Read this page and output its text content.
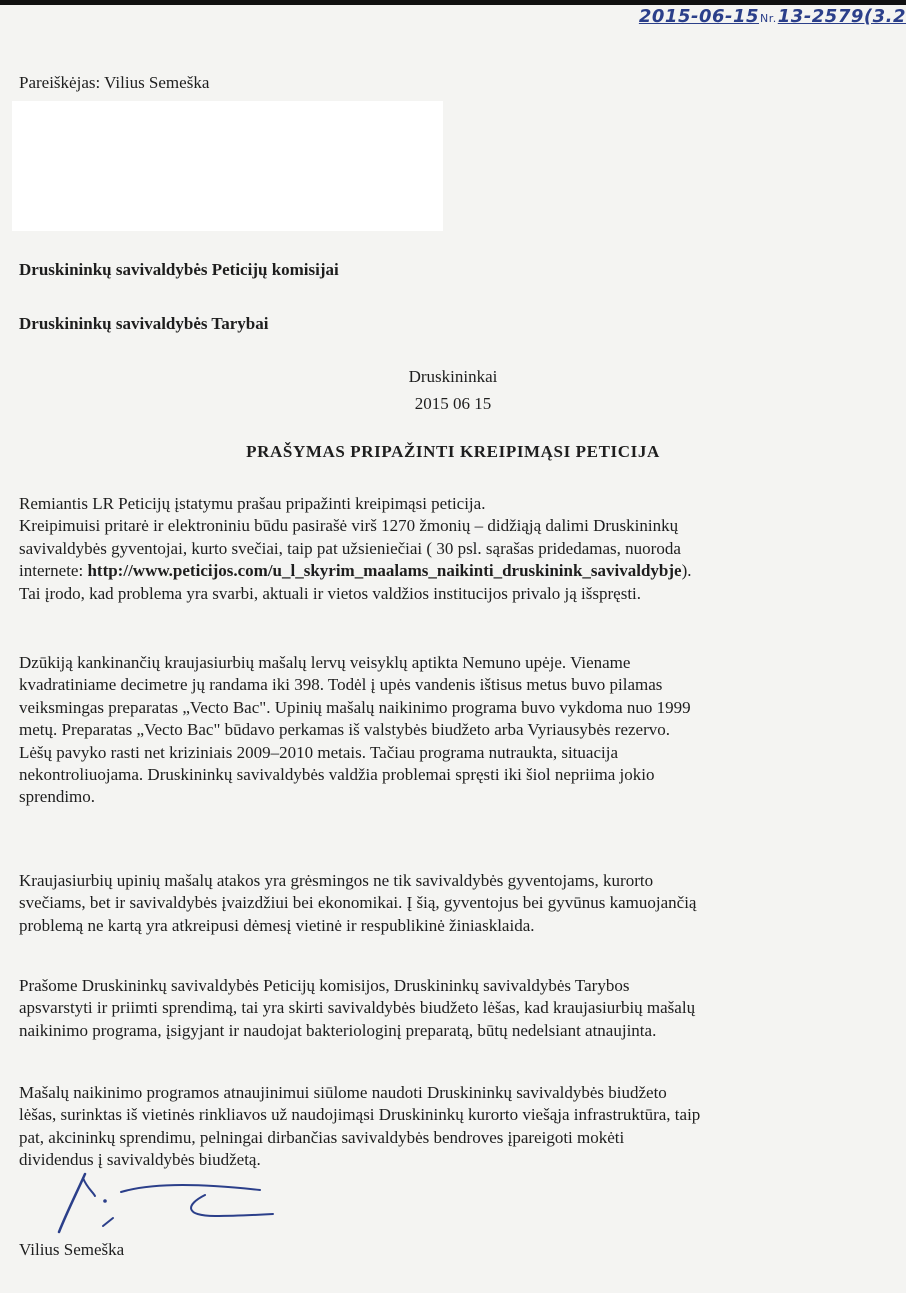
2015-06-15Nr.13-2579(3.2
Pareiškėjas: Vilius Semeška
Druskininkų savivaldybės Peticijų komisijai
Druskininkų savivaldybės Tarybai
Druskininkai
2015 06 15
PRAŠYMAS PRIPAŽINTI KREIPIMĄSI PETICIJA
Remiantis LR Peticijų įstatymu prašau pripažinti kreipimąsi peticija.
Kreipimuisi pritarė ir elektroniniu būdu pasirašė virš 1270 žmonių – didžiąją dalimi Druskininkų
savivaldybės gyventojai, kurto svečiai, taip pat užsieniečiai ( 30 psl. sąrašas pridedamas, nuoroda
internete: http://www.peticijos.com/u_l_skyrim_maalams_naikinti_druskinink_savivaldybje).
Tai įrodo, kad problema yra svarbi, aktuali ir vietos valdžios institucijos privalo ją išspręsti.
Dzūkiją kankinančių kraujasiurbių mašalų lervų veisyklų aptikta Nemuno upėje. Viename
kvadratiniame decimetre jų randama iki 398. Todėl į upės vandenis ištisus metus buvo pilamas
veiksmingas preparatas „Vecto Bac". Upinių mašalų naikinimo programa buvo vykdoma nuo 1999
metų. Preparatas „Vecto Bac" būdavo perkamas iš valstybės biudžeto arba Vyriausybės rezervo.
Lėšų pavyko rasti net kriziniais 2009–2010 metais. Tačiau programa nutraukta, situacija
nekontroliuojama. Druskininkų savivaldybės valdžia problemai spręsti iki šiol nepriima jokio
sprendimo.
Kraujasiurbių upinių mašalų atakos yra grėsmingos ne tik savivaldybės gyventojams, kurorto
svečiams, bet ir savivaldybės įvaizdžiui bei ekonomikai. Į šią, gyventojus bei gyvūnus kamuojančią
problemą ne kartą yra atkreipusi dėmesį vietinė ir respublikinė žiniasklaida.
Prašome Druskininkų savivaldybės Peticijų komisijos, Druskininkų savivaldybės Tarybos
apsvarstyti ir priimti sprendimą, tai yra skirti savivaldybės biudžeto lėšas, kad kraujasiurbių mašalų
naikinimo programa, įsigyjant ir naudojat bakteriologinį preparatą, būtų nedelsiant atnaujinta.
Mašalų naikinimo programos atnaujinimui siūlome naudoti Druskininkų savivaldybės biudžeto
lėšas, surinktas iš vietinės rinkliavos už naudojimąsi Druskininkų kurorto viešąja infrastruktūra, taip
pat, akcininkų sprendimu, pelningai dirbančias savivaldybės bendroves įpareigoti mokėti
dividendus į savivaldybės biudžetą.
Vilius Semeška
